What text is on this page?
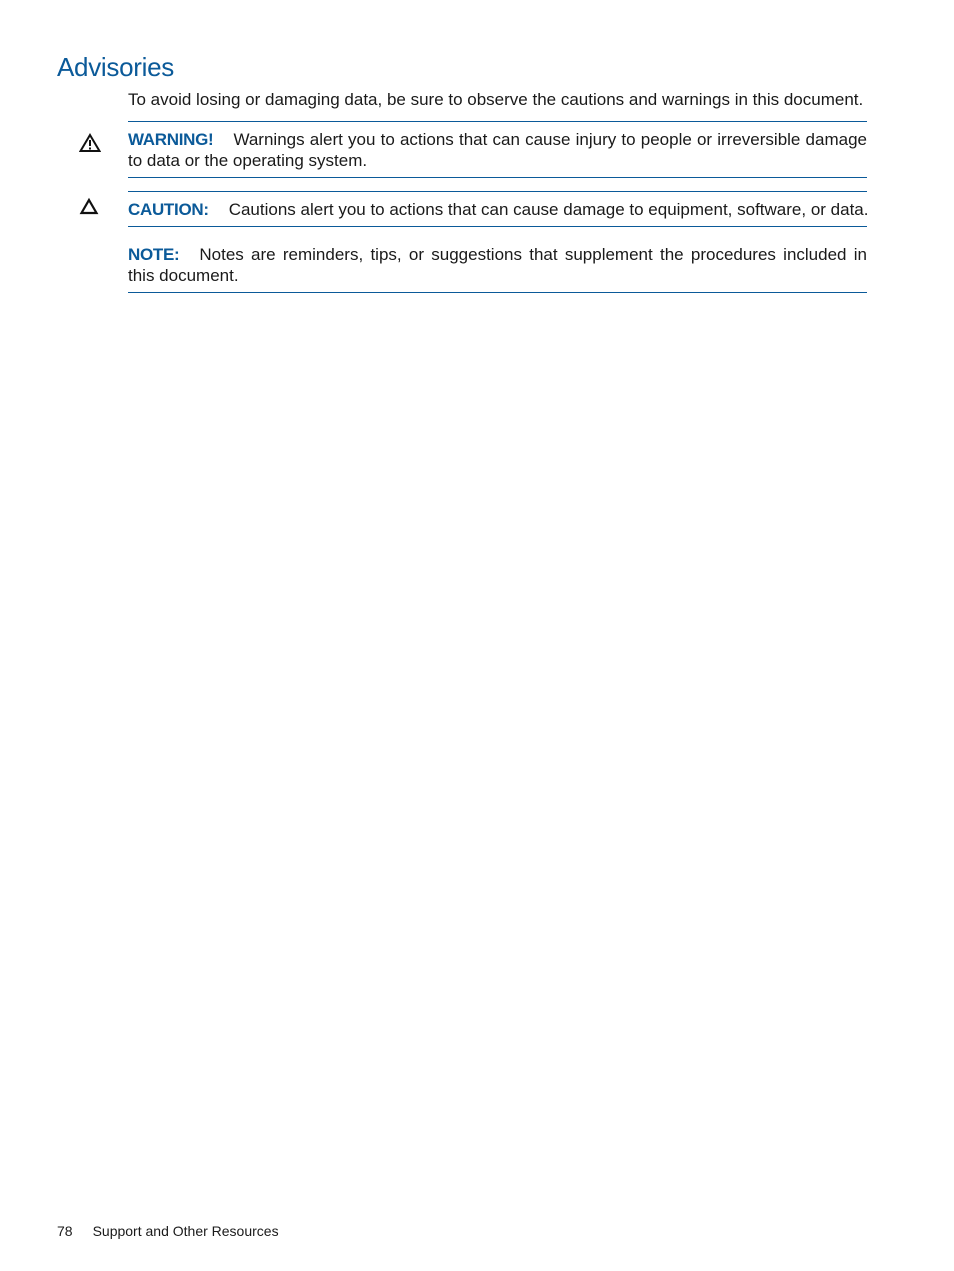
Advisories

To avoid losing or damaging data, be sure to observe the cautions and warnings in this document.

WARNING! Warnings alert you to actions that can cause injury to people or irreversible damage to data or the operating system.
CAUTION: Cautions alert you to actions that can cause damage to equipment, software, or data.
NOTE: Notes are reminders, tips, or suggestions that supplement the procedures included in this document.
78 Support and Other Resources
